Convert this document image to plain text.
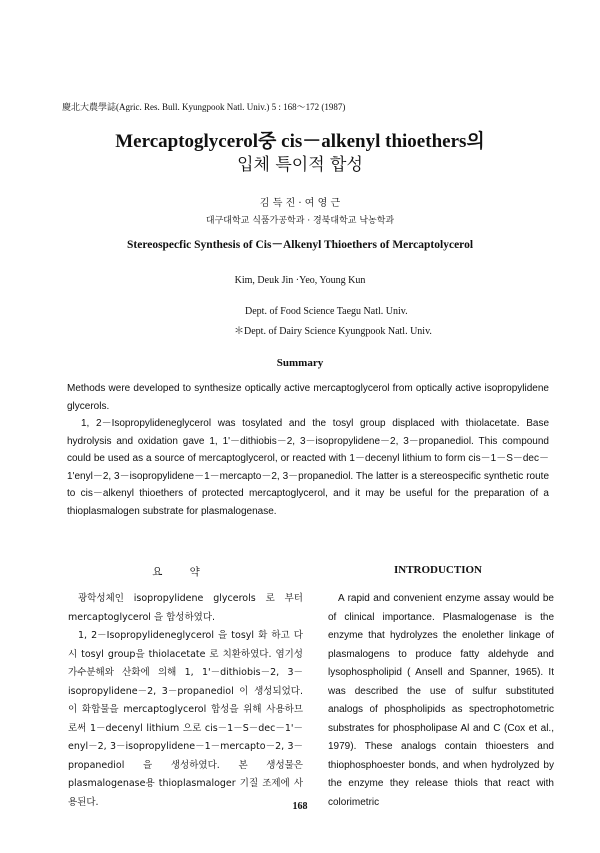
慶北大農學誌(Agric. Res. Bull. Kyungpook Natl. Univ.) 5 : 168～172 (1987)
Mercaptoglycerol중 cis－alkenyl thioethers의
입체 특이적 합성
김 득 진 · 여 영 근
대구대학교 식품가공학과 · 경북대학교 낙농학과
Stereospecfic Synthesis of Cis－Alkenyl Thioethers of Mercaptolycerol
Kim, Deuk Jin ·Yeo, Young Kun
Dept. of Food Science Taegu Natl. Univ.
＊Dept. of Dairy Science Kyungpook Natl. Univ.
Summary

Methods were developed to synthesize optically active mercaptoglycerol from optically active isopropylidene glycerols.

1, 2－Isopropylideneglycerol was tosylated and the tosyl group displaced with thiolacetate. Base hydrolysis and oxidation gave 1, 1'－dithiobis－2, 3－isopropylidene－2, 3－propanediol. This compound could be used as a source of mercaptoglycerol, or reacted with 1－decenyl lithium to form cis－1－S－dec－1'enyl－2, 3－isopropylidene－1－mercapto－2, 3－propanediol. The latter is a stereospecific synthetic route to cis－alkenyl thioethers of protected mercaptoglycerol, and it may be useful for the preparation of a thioplasmalogen substrate for plasmalogenase.

요 약	INTRODUCTION

광학성체인 isopropylidene glycerols 로 부터 mercaptoglycerol 을 합성하였다.

1, 2－Isopropylideneglycerol 을 tosyl 화 하고 다시 tosyl group을 thiolacetate 로 치환하였다. 염기성 가수분해와 산화에 의해 1, 1'－dithiobis－2, 3－isopropylidene－2, 3－propanediol 이 생성되었다. 이 화합물을 mercaptoglycerol 합성을 위해 사용하므로써 1－decenyl lithium 으로 cis－1－S－dec－1'－enyl－2, 3－isopropylidene－1－mercapto－2, 3－propanediol 을 생성하였다. 본 생성물은 plasmalogenase용 thioplasmaloger 기질 조제에 사용된다.

A rapid and convenient enzyme assay would be of clinical importance. Plasmalogenase is the enzyme that hydrolyzes the enolether linkage of plasmalogens to produce fatty aldehyde and lysophospholipid ( Ansell and Spanner, 1965). It was described the use of sulfur substituted analogs of phospholipids as spectrophotometric substrates for phospholipase Al and C (Cox et al., 1979). These analogs contain thioesters and thiophosphoester bonds, and when hydrolyzed by the enzyme they release thiols that react with colorimetric

168
